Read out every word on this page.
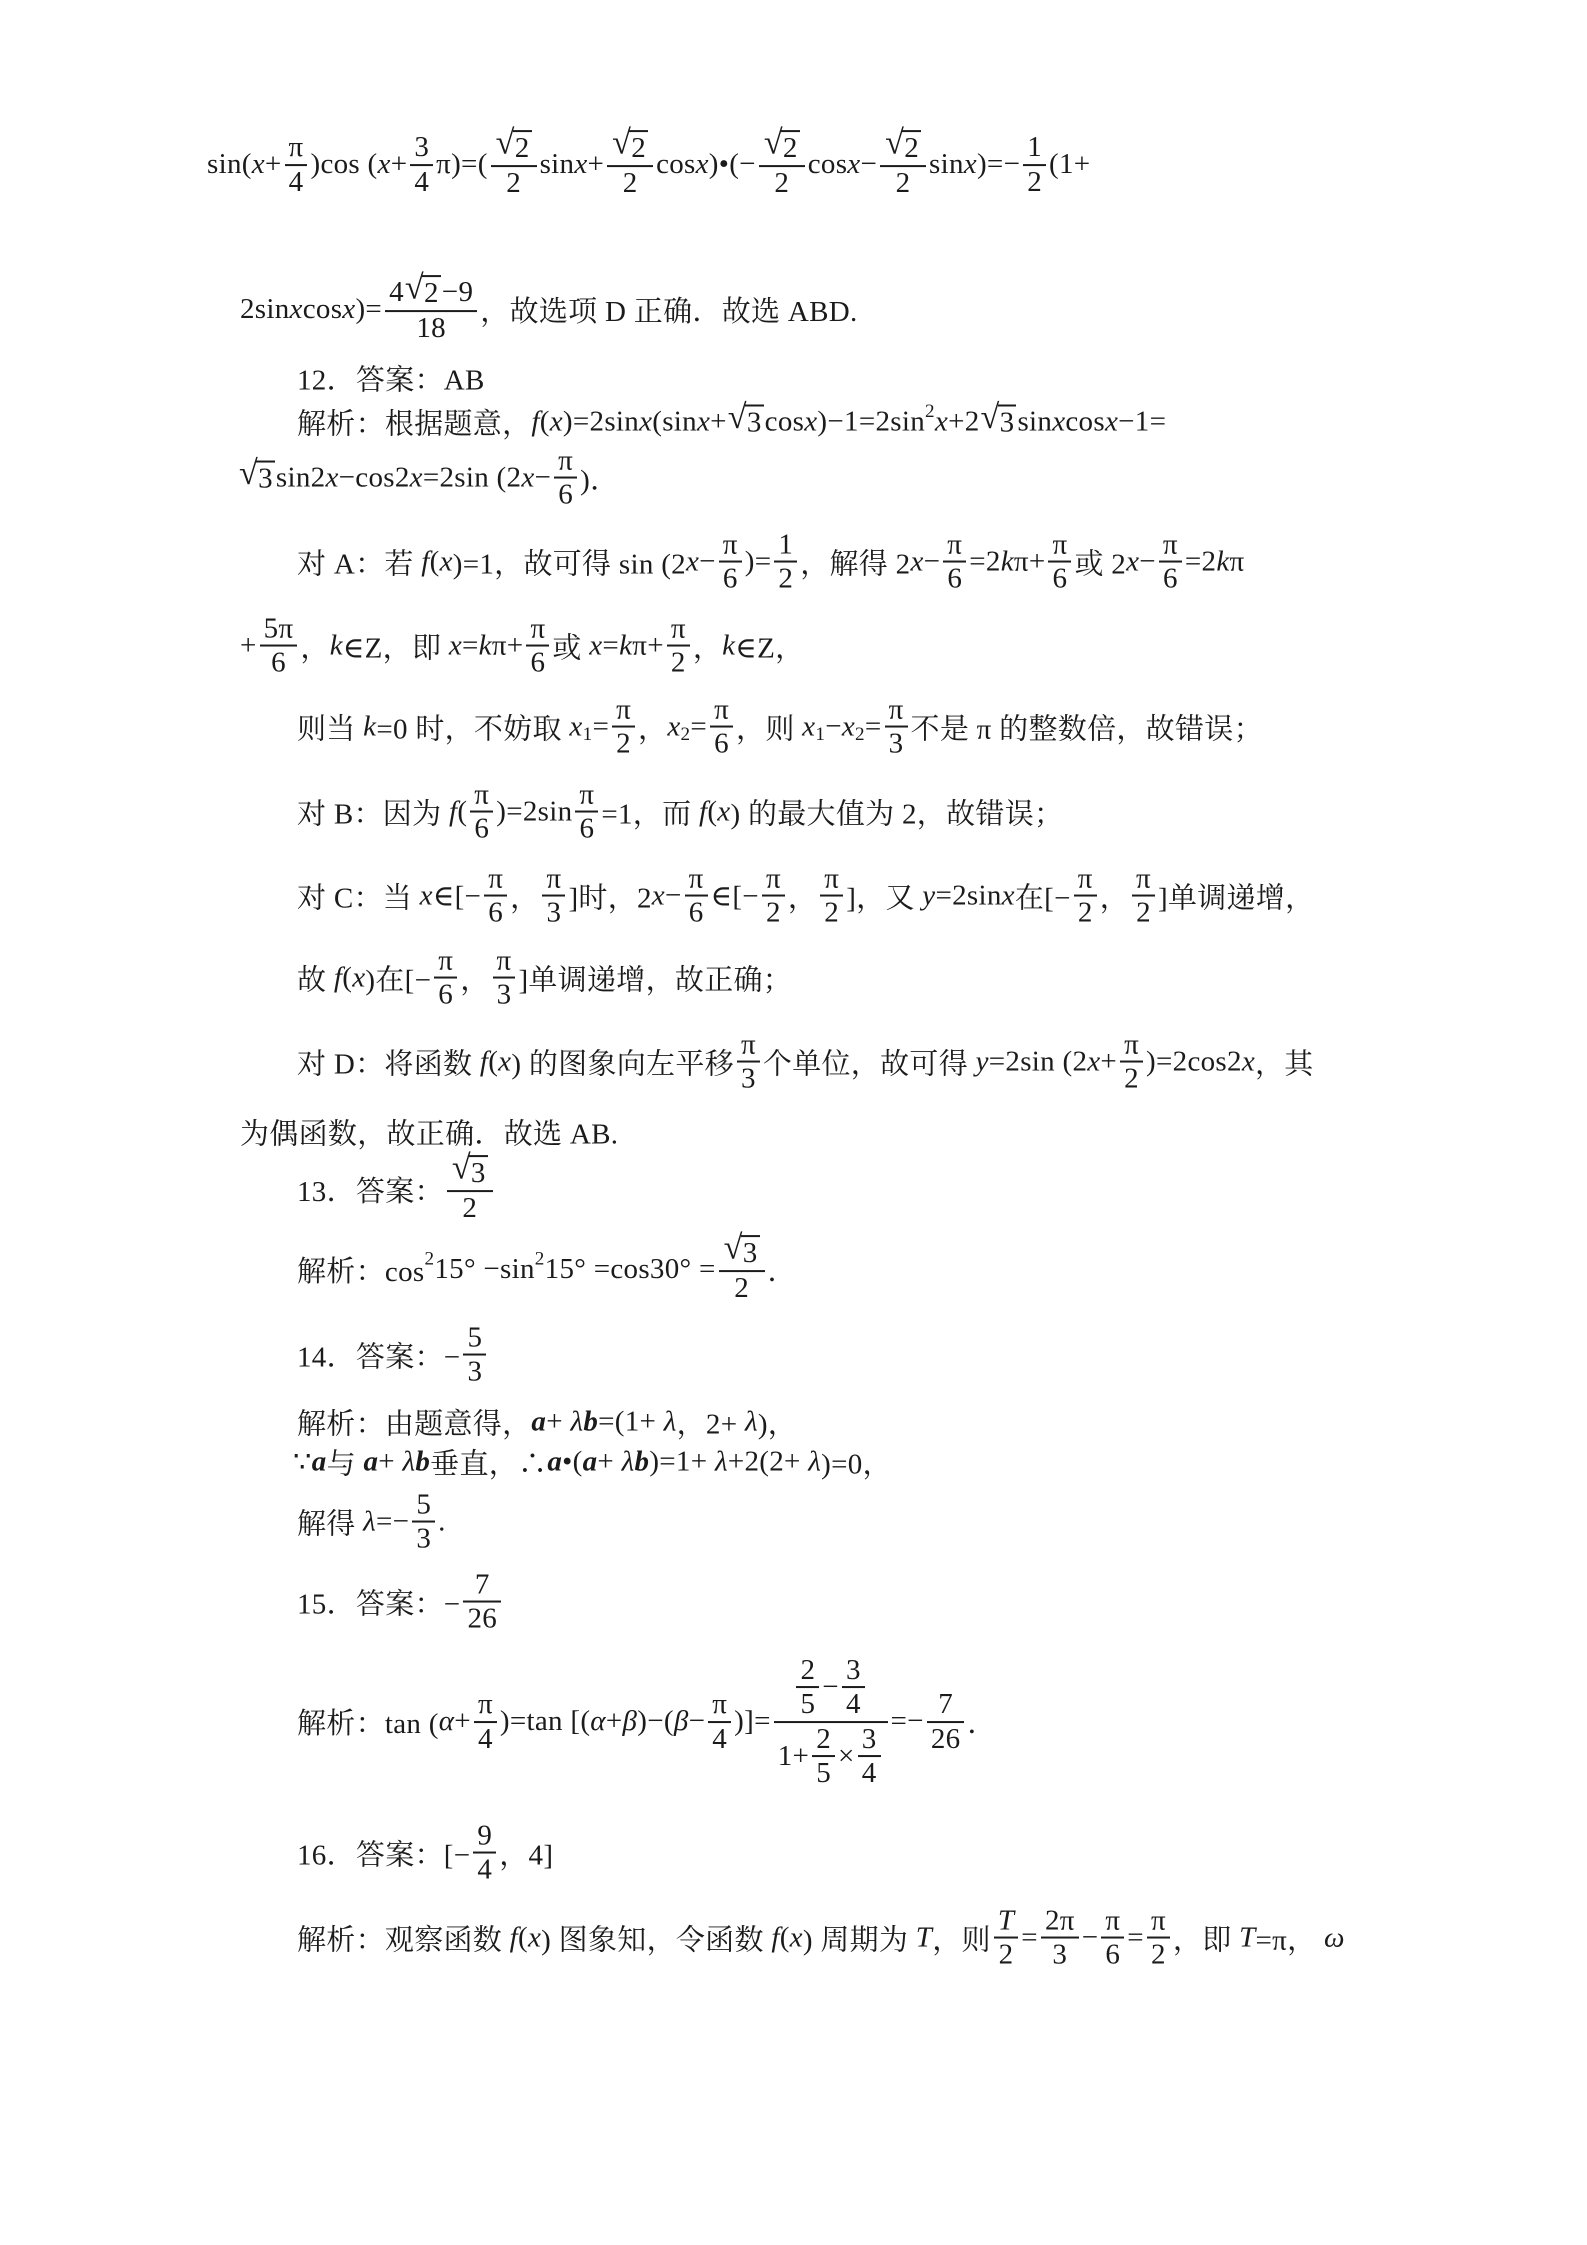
sin( $x + \frac{\pi}{4} )\cos$ ( $x + \frac{3}{4} \pi)=( \frac{√ 2}{2}$ $\sin x + \frac{√ 2}{2}$ cos x )•(− $\frac{√ 2}{2}$ $\cos x - \frac{√ 2}{2}$ sin x )=− $\frac{1}{2} (1+$
2sin x cos x )= $\frac{4 √ 2 -9}{18}$ ，故选项 D 正确．故选 ABD.
12．答案：AB
解析：根据题意， f ( x )=2sin x (sin x + √ 3 cos x )−1=2sin 2 x +2 √ 3 sin x cos x −1=
√ 3 sin2 x −cos2 x =2sin (2 $x - \frac{\pi}{6}$ )．
对 A：若 f ( x )=1，故可得 sin (2 $x - \frac{\pi}{6}$ )= $\frac{1}{2}$ ，解得 2 $x - \frac{\pi}{6} =2$ k $\pi+ \frac{\pi}{6}$ 或 2 $x - \frac{\pi}{6} =2$ k π
+ $\frac{5\pi}{6}$ ， k ∈Z，即 x = k $\pi+ \frac{\pi}{6}$ 或 x = k $\pi+ \frac{\pi}{2}$ ， k ∈Z，
则当 k =0 时，不妨取 x $1 = \frac{\pi}{2}$ ， x $2 = \frac{\pi}{6}$ ，则 x 1 − x $2 = \frac{\pi}{3}$ 不是 π 的整数倍，故错误；
对 B：因为 f ( $\frac{\pi}{6} )=2\sin \frac{\pi}{6} =1$，而 f ( x ) 的最大值为 2，故错误；
对 C：当 x ∈[− $\frac{\pi}{6}$ ， $\frac{\pi}{3}$ ]时，2 $x - \frac{\pi}{6}$ ∈[− $\frac{\pi}{2}$ ， $\frac{\pi}{2}$ ]，又 y =2sin x 在[− $\frac{\pi}{2}$ ， $\frac{\pi}{2}$ ]单调递增，
故 f ( x )在[− $\frac{\pi}{6}$ ， $\frac{\pi}{3}$ ]单调递增，故正确；
对 D：将函数 f ( x ) 的图象向左平移 $\frac{\pi}{3}$ 个单位，故可得 y =2sin (2 $x + \frac{\pi}{2} )=2\cos 2$ x ，其
为偶函数，故正确．故选 AB.
13．答案： $\frac{√ 3}{2}$
解析：cos 2 15° −sin 2 $15^\circ =\cos 30^\circ = \frac{√ 3}{2}$ ．
14．答案：− $\frac{5}{3}$
解析：由题意得， a + λ b =(1+ λ ，2+ λ )，
∵ a 与 a + λ b 垂直，∴ a •( a + λ b )=1+ λ +2(2+ λ )=0，
解得 $\lambda =- \frac{5}{3}$ .
15．答案：− $\frac{7}{26}$
解析：tan ( $\alpha + \frac{\pi}{4} )=\tan$ [( α + β )−( $\beta - \frac{\pi}{4}$ )]= $\frac{\frac{2}{5} - \frac{3}{4}}{1+ \frac{2}{5} \times \frac{3}{4}} =- \frac{7}{26}$ ．
16．答案：[− $\frac{9}{4}$ ，4]
解析：观察函数 f ( x ) 图象知，令函数 f ( x ) 周期为 T ，则 $\frac{T}{2} = \frac{2\pi}{3} - \frac{\pi}{6} = \frac{\pi}{2}$ ，即 T =π， ω
